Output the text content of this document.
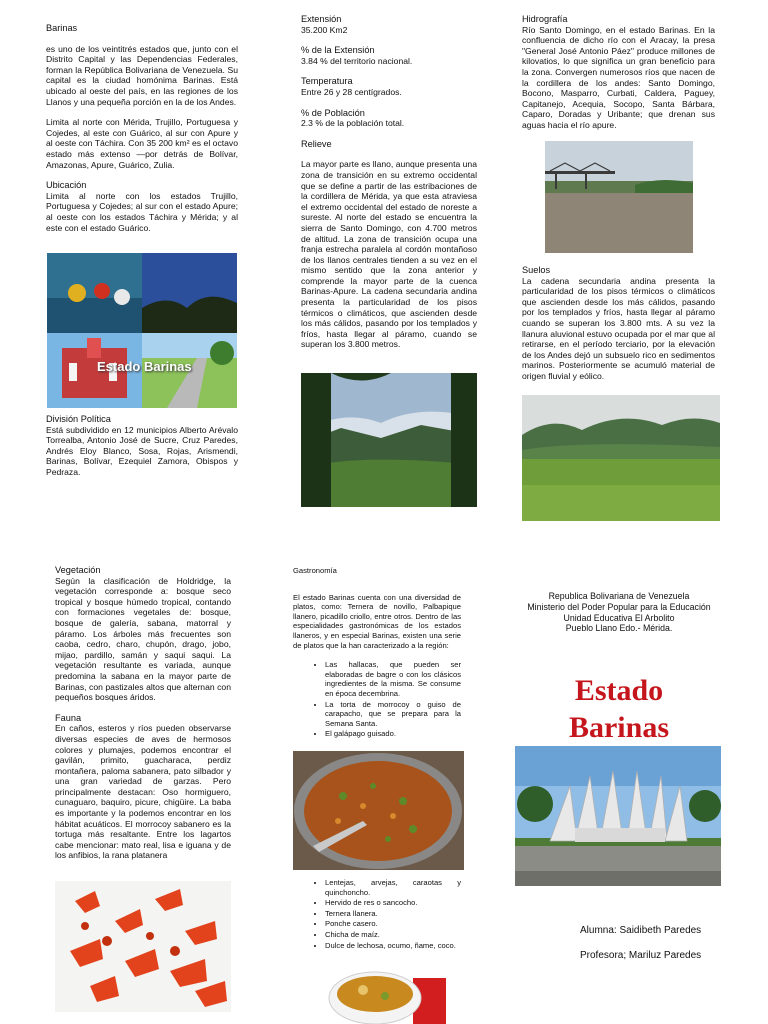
Barinas

es uno de los veintitrés estados que, junto con el Distrito Capital y las Dependencias Federales, forman la República Bolivariana de Venezuela. Su capital es la ciudad homónima Barinas. Está ubicado al oeste del país, en las regiones de los Llanos y una pequeña porción en la de los Andes.

Limita al norte con Mérida, Trujillo, Portuguesa y Cojedes, al este con Guárico, al sur con Apure y al oeste con Táchira. Con 35 200 km² es el octavo estado más extenso —por detrás de Bolívar, Amazonas, Apure, Guárico, Zulia.

Ubicación

Limita al norte con los estados Trujillo, Portuguesa y Cojedes; al sur con el estado Apure; al oeste con los estados Táchira y Mérida; y al este con el estado Guárico.

Estado Barinas

División Política

Está subdividido en 12 municipios Alberto Arévalo Torrealba, Antonio José de Sucre, Cruz Paredes, Andrés Eloy Blanco, Sosa, Rojas, Arismendi, Barinas, Bolívar, Ezequiel Zamora, Obispos y Pedraza.

Extensión

35.200 Km2

% de la Extensión

3.84 % del territorio nacional.

Temperatura

Entre 26 y 28 centígrados.

% de Población

2.3 % de la población total.

Relieve

La mayor parte es llano, aunque presenta una zona de transición en su extremo occidental que se define a partir de las estribaciones de la cordillera de Mérida, ya que esta atraviesa el extremo occidental del estado de noreste a sureste. Al norte del estado se encuentra la sierra de Santo Domingo, con 4.700 metros de altitud. La zona de transición ocupa una franja estrecha paralela al cordón montañoso de los llanos centrales tienden a su vez en el mismo sentido que la zona anterior y comprende la mayor parte de la cuenca Barinas-Apure. La cadena secundaria andina presenta la particularidad de los pisos térmicos o climáticos, que ascienden desde los más cálidos, pasando por los templados y fríos, hasta llegar al páramo, cuando se superan los 3.800 metros.

Hidrografía

Río Santo Domingo, en el estado Barinas. En la confluencia de dicho río con el Aracay, la presa "General José Antonio Páez" produce millones de kilovatios, lo que significa un gran beneficio para la zona. Convergen numerosos ríos que nacen de la cordillera de los andes: Santo Domingo, Bocono, Masparro, Curbati, Caldera, Paguey, Capitanejo, Acequia, Socopo, Santa Bárbara, Caparo, Doradas y Uribante; que drenan sus aguas hacia el río apure.

Suelos

La cadena secundaria andina presenta la particularidad de los pisos térmicos o climáticos que ascienden desde los más cálidos, pasando por los templados y fríos, hasta llegar al páramo cuando se superan los 3.800 mts. A su vez la llanura aluvional estuvo ocupada por el mar que al retirarse, en el período terciario, por la elevación de los Andes dejó un subsuelo rico en sedimentos marinos. Posteriormente se acumuló material de origen fluvial y eólico.

Vegetación

Según la clasificación de Holdridge, la vegetación corresponde a: bosque seco tropical y bosque húmedo tropical, contando con formaciones vegetales de: bosque, bosque de galería, sabana, matorral y páramo. Los árboles más frecuentes son caoba, cedro, charo, chupón, drago, jobo, mijao, pardillo, samán y saqui saqui. La vegetación resultante es variada, aunque predomina la sabana en la mayor parte de Barinas, con pastizales altos que alternan con pequeños bosques áridos.

Fauna

En caños, esteros y ríos pueden observarse diversas especies de aves de hermosos colores y plumajes, podemos encontrar el gavilán, primito, guacharaca, perdiz montañera, paloma sabanera, pato silbador y una gran variedad de garzas. Pero principalmente destacan: Oso hormiguero, cunaguaro, baquiro, picure, chigüire. La baba es importante y la podemos encontrar en los hábitat acuáticos. El morrocoy sabanero es la tortuga más resaltante. Entre los lagartos cabe mencionar: mato real, lisa e iguana y de los anfibios, la rana platanera

Gastronomía

El estado Barinas cuenta con una diversidad de platos, como: Ternera de novillo, Palbapique llanero, picadillo criollo, entre otros. Dentro de las especialidades gastronómicas de los estados llaneros, y en especial Barinas, existen una serie de platos que la han caracterizado a la región:

• Las hallacas, que pueden ser elaboradas de bagre o con los clásicos ingredientes de la misma. Se consume en época decembrina.
• La torta de morrocoy o guiso de carapacho, que se prepara para la Semana Santa.
• El galápago guisado.
• Lentejas, arvejas, caraotas y quinchoncho.
• Hervido de res o sancocho.
• Ternera llanera.
• Ponche casero.
• Chicha de maíz.
• Dulce de lechosa, ocumo, ñame, coco.
Republica Bolivariana de Venezuela
Ministerio del Poder Popular para la Educación
Unidad Educativa El Arbolito
Pueblo Llano Edo.- Mérida.
Estado
Barinas
Alumna: Saidibeth Paredes
Profesora; Mariluz Paredes
